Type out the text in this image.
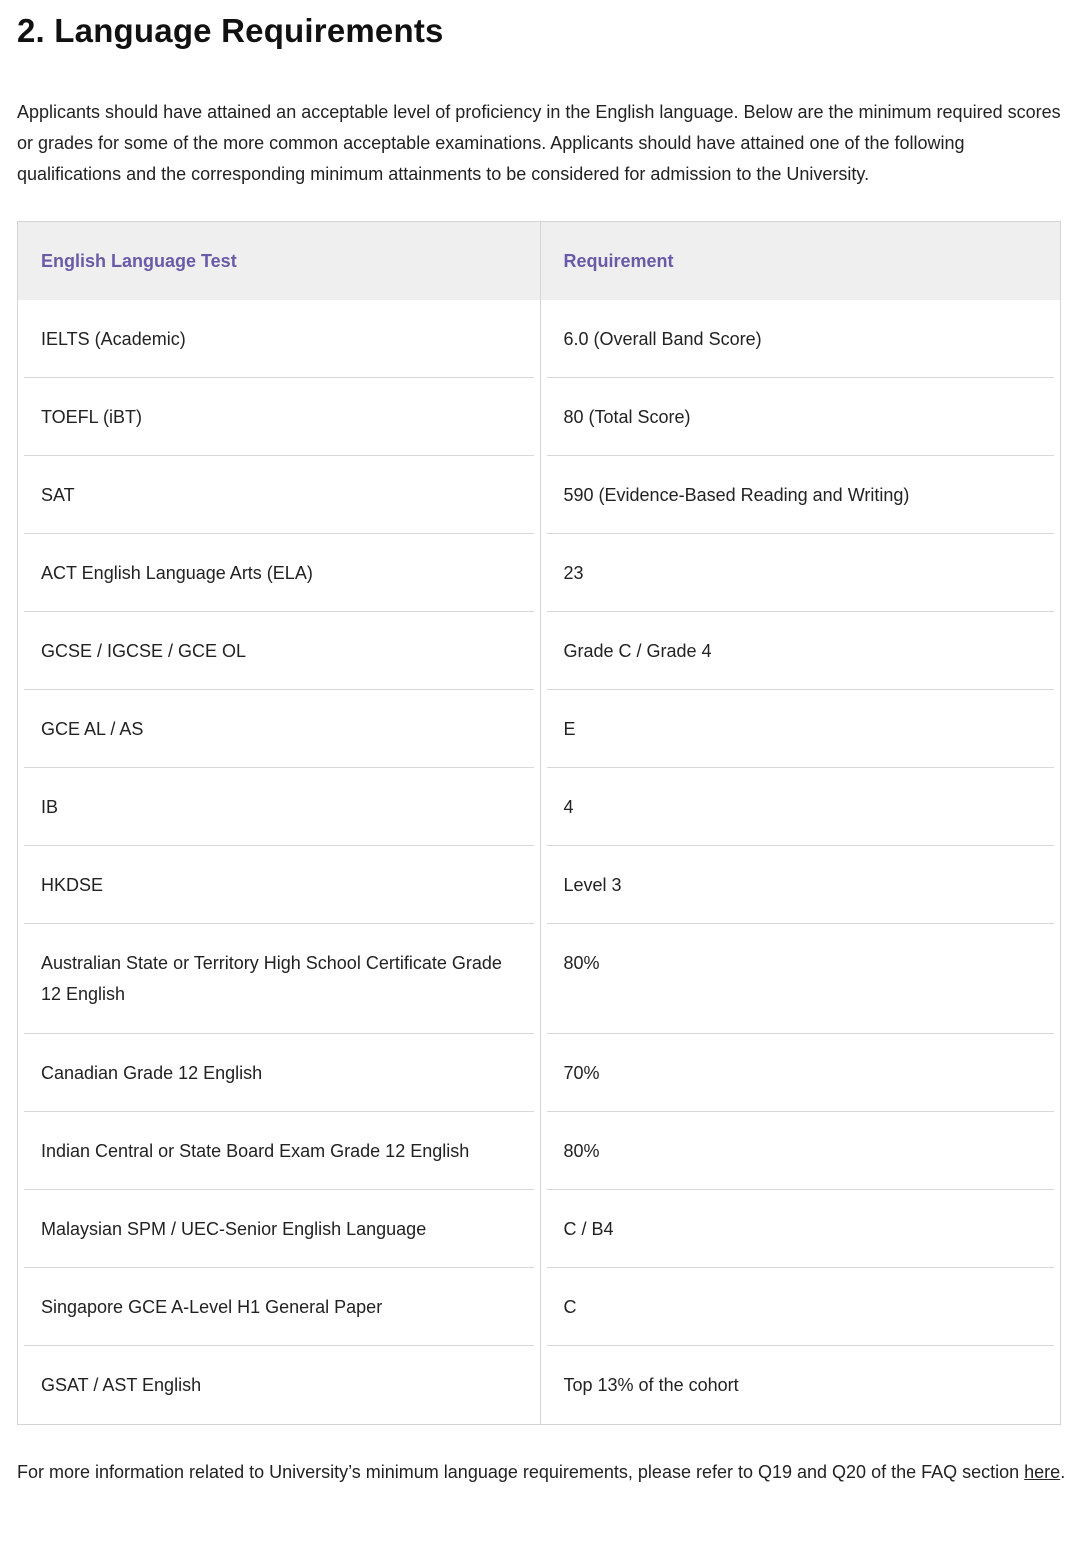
2. Language Requirements

Applicants should have attained an acceptable level of proficiency in the English language. Below are the minimum required scores or grades for some of the more common acceptable examinations. Applicants should have attained one of the following qualifications and the corresponding minimum attainments to be considered for admission to the University.

English Language Test	Requirement

IELTS (Academic)	6.0 (Overall Band Score)

TOEFL (iBT)	80 (Total Score)

SAT	590 (Evidence-Based Reading and Writing)

ACT English Language Arts (ELA)	23

GCSE / IGCSE / GCE OL	Grade C / Grade 4

GCE AL / AS	E

IB	4

HKDSE	Level 3

Australian State or Territory High School Certificate Grade 12 English	80%

Canadian Grade 12 English	70%

Indian Central or State Board Exam Grade 12 English	80%

Malaysian SPM / UEC-Senior English Language	C / B4

Singapore GCE A-Level H1 General Paper	C

GSAT / AST English	Top 13% of the cohort

For more information related to University’s minimum language requirements, please refer to Q19 and Q20 of the FAQ section here.
